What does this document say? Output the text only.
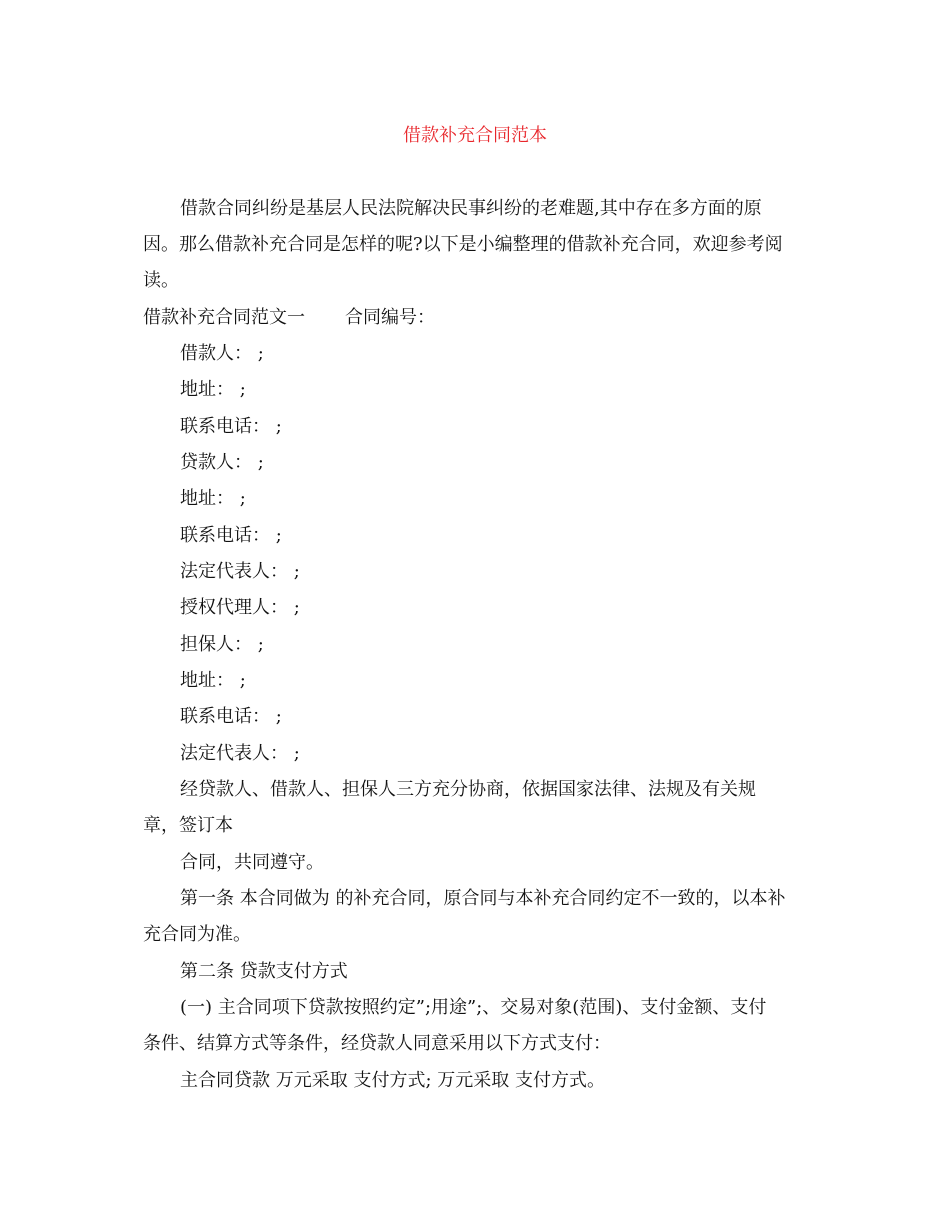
借款补充合同范本
借款合同纠纷是基层人民法院解决民事纠纷的老难题,其中存在多方面的原
因。那么借款补充合同是怎样的呢?以下是小编整理的借款补充合同，欢迎参考阅
读。
借款补充合同范文一 合同编号：
借款人： ;
地址： ;
联系电话： ;
贷款人： ;
地址： ;
联系电话： ;
法定代表人： ;
授权代理人： ;
担保人： ;
地址： ;
联系电话： ;
法定代表人： ;
经贷款人、借款人、担保人三方充分协商，依据国家法律、法规及有关规
章，签订本
合同，共同遵守。
第一条 本合同做为 的补充合同，原合同与本补充合同约定不一致的，以本补
充合同为准。
第二条 贷款支付方式
(一) 主合同项下贷款按照约定”;用途”;、交易对象(范围)、支付金额、支付
条件、结算方式等条件，经贷款人同意采用以下方式支付：
主合同贷款 万元采取 支付方式; 万元采取 支付方式。
